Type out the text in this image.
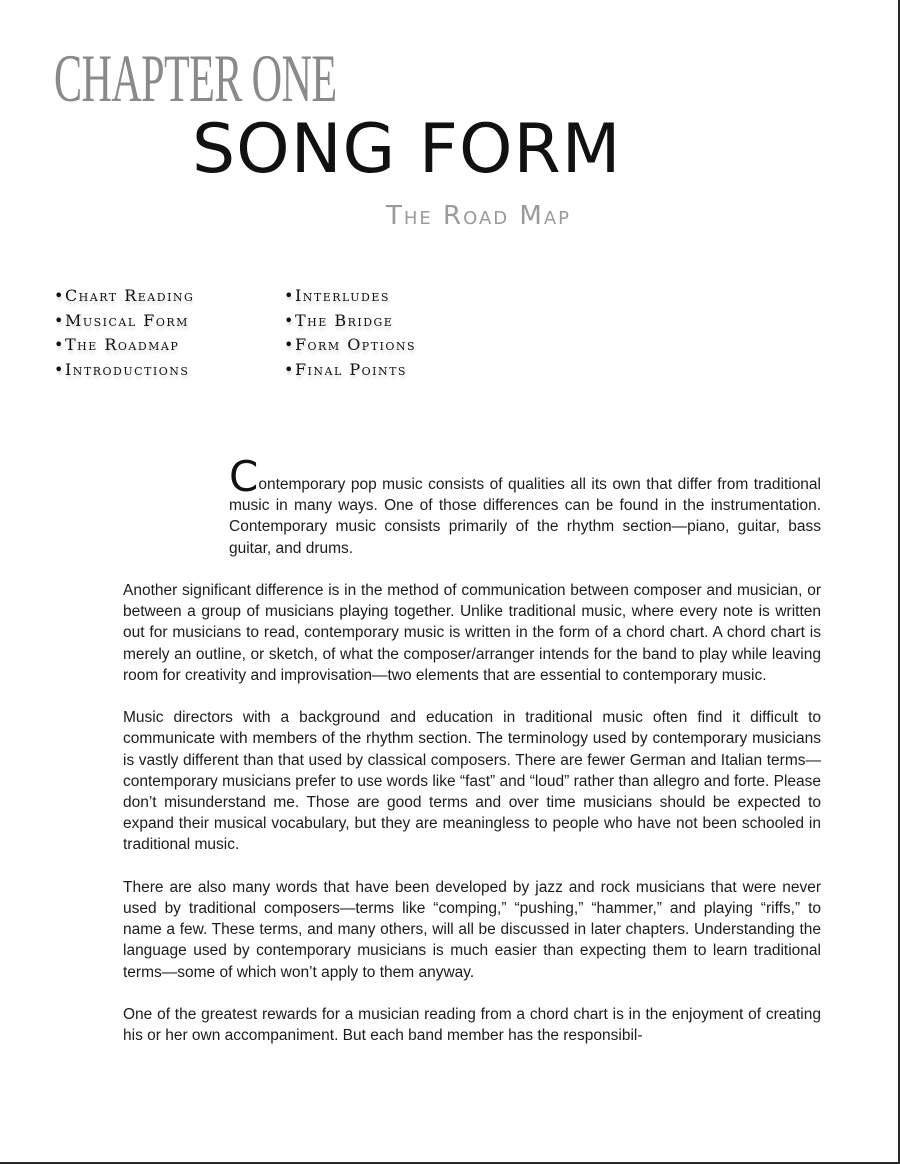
CHAPTER ONE
SONG FORM
The Road Map
•Chart Reading
•Musical Form
•The Roadmap
•Introductions
•Interludes
•The Bridge
•Form Options
•Final Points

Contemporary pop music consists of qualities all its own that differ from traditional music in many ways. One of those differences can be found in the instrumentation. Contemporary music consists primarily of the rhythm section—piano, guitar, bass guitar, and drums.

Another significant difference is in the method of communication between composer and musician, or between a group of musicians playing together. Unlike traditional music, where every note is written out for musicians to read, contemporary music is written in the form of a chord chart. A chord chart is merely an outline, or sketch, of what the composer/arranger intends for the band to play while leaving room for creativity and improvisation—two elements that are essential to contemporary music.

Music directors with a background and education in traditional music often find it difficult to communicate with members of the rhythm section. The terminology used by contemporary musicians is vastly different than that used by classical composers. There are fewer German and Italian terms—contemporary musicians prefer to use words like “fast” and “loud” rather than allegro and forte. Please don’t misunderstand me. Those are good terms and over time musicians should be expected to expand their musical vocabulary, but they are meaningless to people who have not been schooled in traditional music.

There are also many words that have been developed by jazz and rock musicians that were never used by traditional composers—terms like “comping,” “pushing,” “hammer,” and playing “riffs,” to name a few. These terms, and many others, will all be discussed in later chapters. Understanding the language used by contemporary musicians is much easier than expecting them to learn traditional terms—some of which won’t apply to them anyway.

One of the greatest rewards for a musician reading from a chord chart is in the enjoyment of creating his or her own accompaniment. But each band member has the responsibil-
